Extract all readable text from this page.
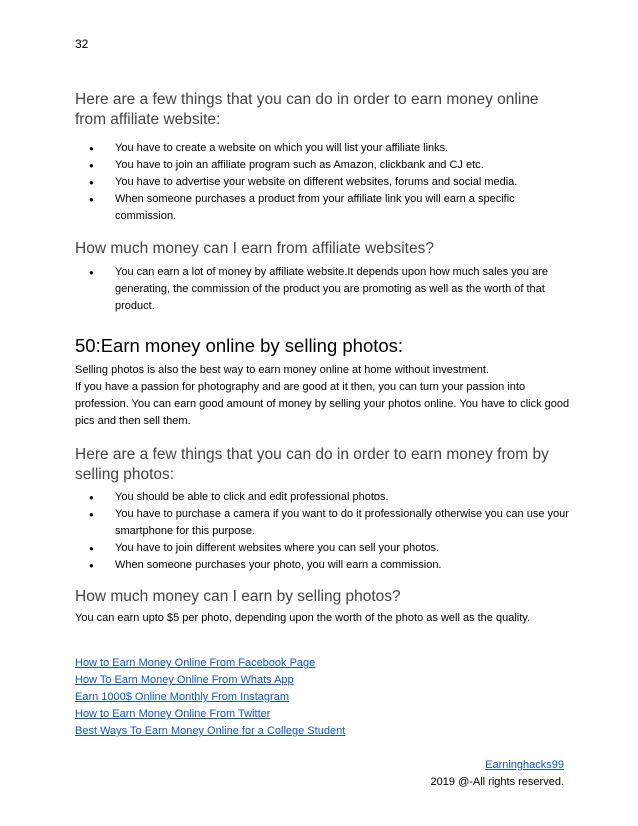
32
Here are a few things that you can do in order to earn money online from affiliate website:
● You have to create a website on which you will list your affiliate links.
● You have to join an affiliate program such as Amazon, clickbank and CJ etc.
● You have to advertise your website on different websites, forums and social media.
● When someone purchases a product from your affiliate link you will earn a specific commission.
How much money can I earn from affiliate websites?
● You can earn a lot of money by affiliate website.It depends upon how much sales you are generating, the commission of the product you are promoting as well as the worth of that product.
50:Earn money online by selling photos:

Selling photos is also the best way to earn money online at home without investment.

If you have a passion for photography and are good at it then, you can turn your passion into profession. You can earn good amount of money by selling your photos online. You have to click good pics and then sell them.

Here are a few things that you can do in order to earn money from by selling photos:
● You should be able to click and edit professional photos.
● You have to purchase a camera if you want to do it professionally otherwise you can use your smartphone for this purpose.
● You have to join different websites where you can sell your photos.
● When someone purchases your photo, you will earn a commission.
How much money can I earn by selling photos?

You can earn upto $5 per photo, depending upon the worth of the photo as well as the quality.

How to Earn Money Online From Facebook Page
How To Earn Money Online From Whats App
Earn 1000$ Online Monthly From Instagram
How to Earn Money Online From Twitter
Best Ways To Earn Money Online for a College Student
Earninghacks99
2019 @-All rights reserved.
